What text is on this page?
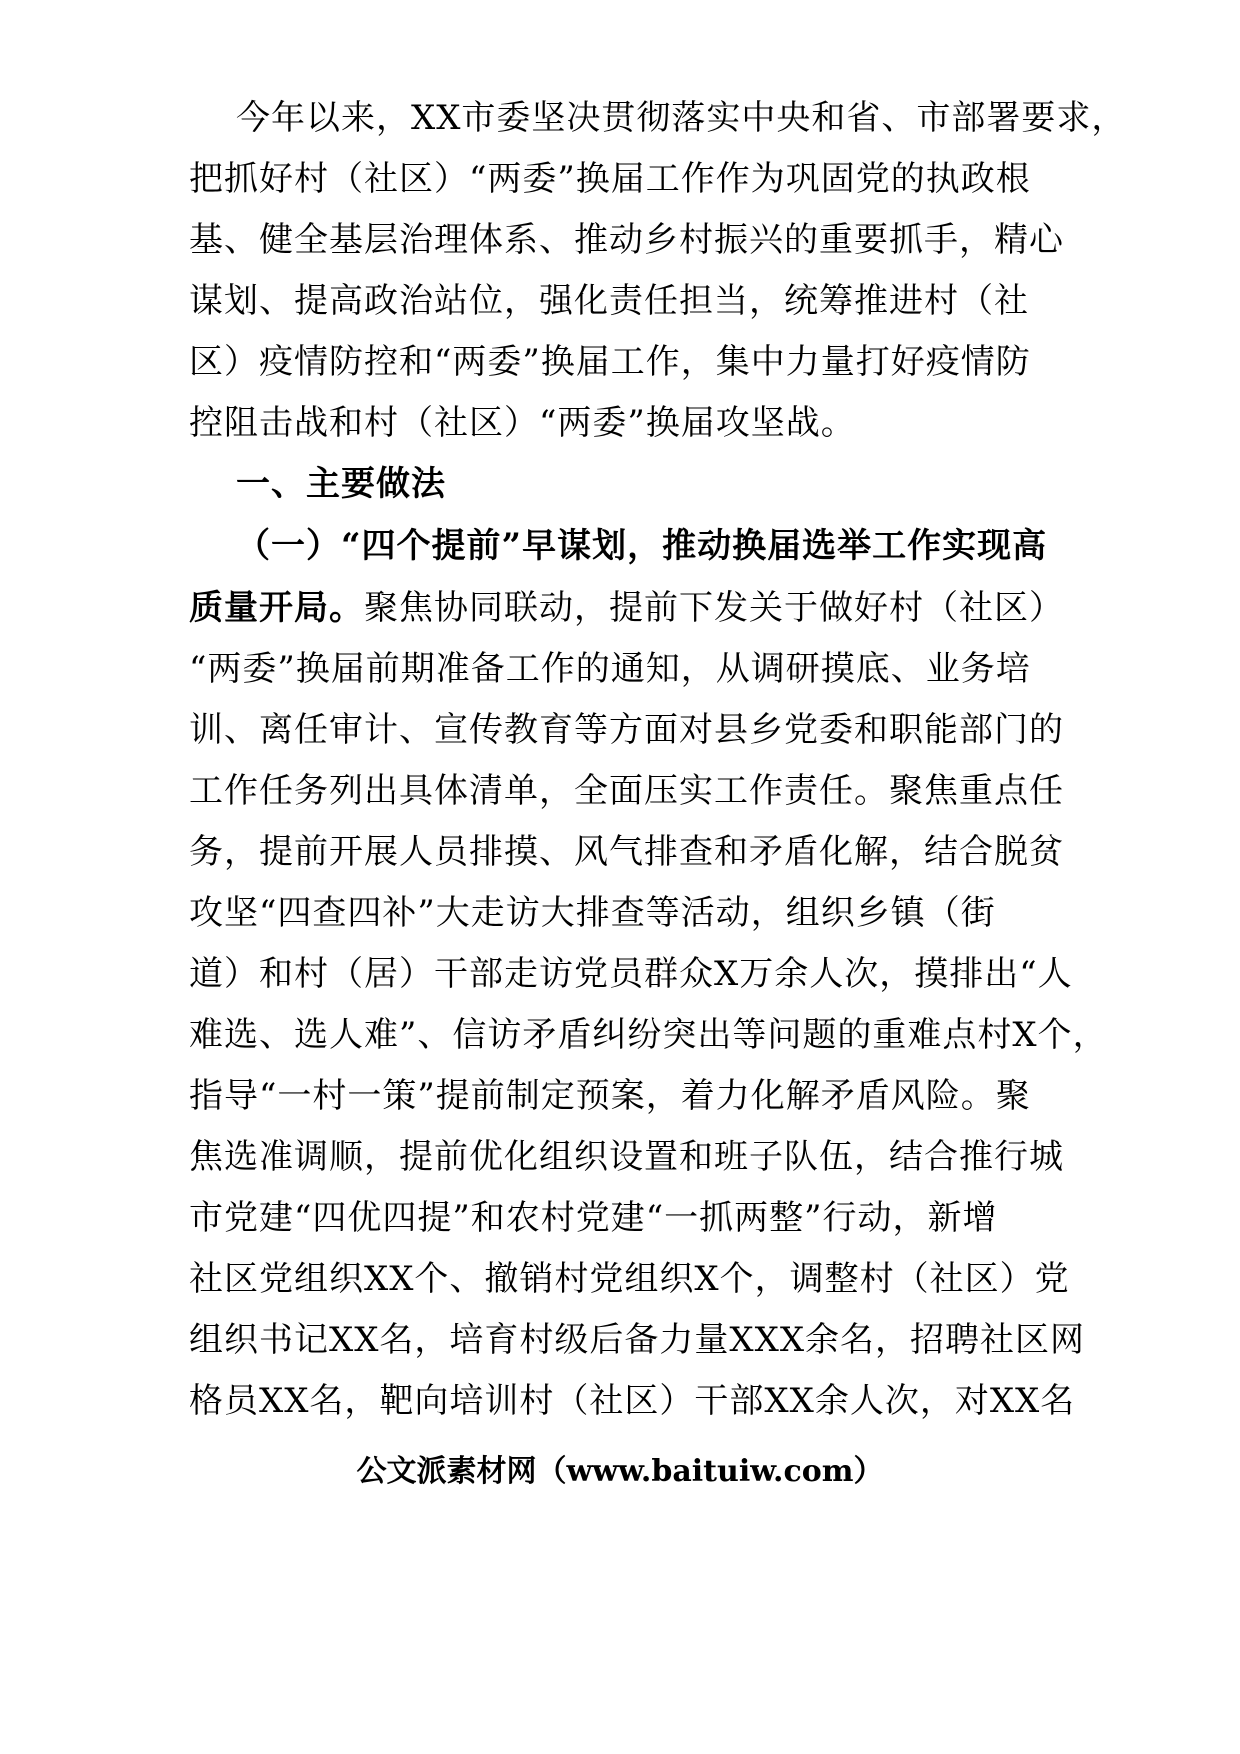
今年以来，XX市委坚决贯彻落实中央和省、市部署要求，
把抓好村（社区）“两委”换届工作作为巩固党的执政根
基、健全基层治理体系、推动乡村振兴的重要抓手，精心
谋划、提高政治站位，强化责任担当，统筹推进村（社
区）疫情防控和“两委”换届工作，集中力量打好疫情防
控阻击战和村（社区）“两委”换届攻坚战。
一、主要做法
（一）“四个提前”早谋划，推动换届选举工作实现高
质量开局。聚焦协同联动，提前下发关于做好村（社区）
“两委”换届前期准备工作的通知，从调研摸底、业务培
训、离任审计、宣传教育等方面对县乡党委和职能部门的
工作任务列出具体清单，全面压实工作责任。聚焦重点任
务，提前开展人员排摸、风气排查和矛盾化解，结合脱贫
攻坚“四查四补”大走访大排查等活动，组织乡镇（街
道）和村（居）干部走访党员群众X万余人次，摸排出“人
难选、选人难”、信访矛盾纠纷突出等问题的重难点村X个，
指导“一村一策”提前制定预案，着力化解矛盾风险。聚
焦选准调顺，提前优化组织设置和班子队伍，结合推行城
市党建“四优四提”和农村党建“一抓两整”行动，新增
社区党组织XX个、撤销村党组织X个，调整村（社区）党
组织书记XX名，培育村级后备力量XXX余名，招聘社区网
格员XX名，靶向培训村（社区）干部XX余人次，对XX名
公文派素材网（www.baituiw.com）
